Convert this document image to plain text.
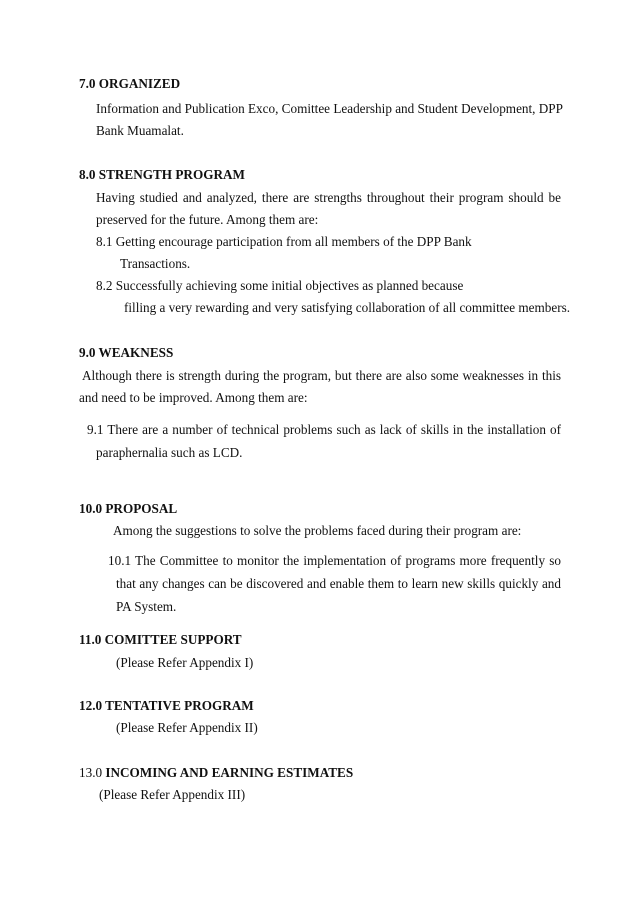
7.0 ORGANIZED
Information and Publication Exco, Comittee Leadership and Student Development, DPP
Bank Muamalat.
8.0 STRENGTH PROGRAM
Having studied and analyzed, there are strengths throughout their program should be
preserved for the future. Among them are:
8.1 Getting encourage participation from all members of the DPP Bank
Transactions.
8.2 Successfully achieving some initial objectives as planned because
filling a very rewarding and very satisfying collaboration of all committee members.
9.0 WEAKNESS
Although there is strength during the program, but there are also some weaknesses in this
and need to be improved. Among them are:
9.1 There are a number of technical problems such as lack of skills in the installation of
paraphernalia such as LCD.
10.0 PROPOSAL
Among the suggestions to solve the problems faced during their program are:
10.1 The Committee to monitor the implementation of programs more frequently so
that any changes can be discovered and enable them to learn new skills quickly and
PA System.
11.0 COMITTEE SUPPORT
(Please Refer Appendix I)
12.0 TENTATIVE PROGRAM
(Please Refer Appendix II)
13.0 INCOMING AND EARNING ESTIMATES
(Please Refer Appendix III)
